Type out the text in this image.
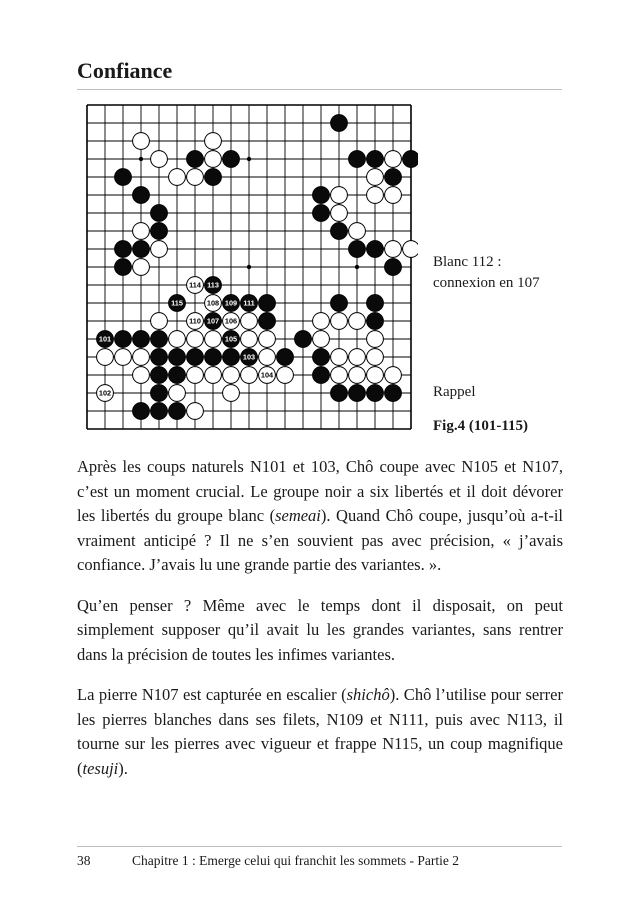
Confiance
114 113
115	108 109 111
110 107 106
101	105
103
104
102
Blanc 112 :
connexion en 107
Rappel
Fig.4 (101-115)

Après les coups naturels N101 et 103, Chô coupe avec N105 et N107, c’est un moment crucial. Le groupe noir a six libertés et il doit dévorer les libertés du groupe blanc (semeai). Quand Chô coupe, jusqu’où a-t-il vraiment anticipé ? Il ne s’en souvient pas avec précision, « j’avais confiance. J’avais lu une grande partie des variantes. ».

Qu’en penser ? Même avec le temps dont il disposait, on peut simplement supposer qu’il avait lu les grandes variantes, sans rentrer dans la précision de toutes les infimes variantes.

La pierre N107 est capturée en escalier (shichô). Chô l’utilise pour serrer les pierres blanches dans ses filets, N109 et N111, puis avec N113, il tourne sur les pierres avec vigueur et frappe N115, un coup magnifique (tesuji).

38	Chapitre 1 : Emerge celui qui franchit les sommets - Partie 2
